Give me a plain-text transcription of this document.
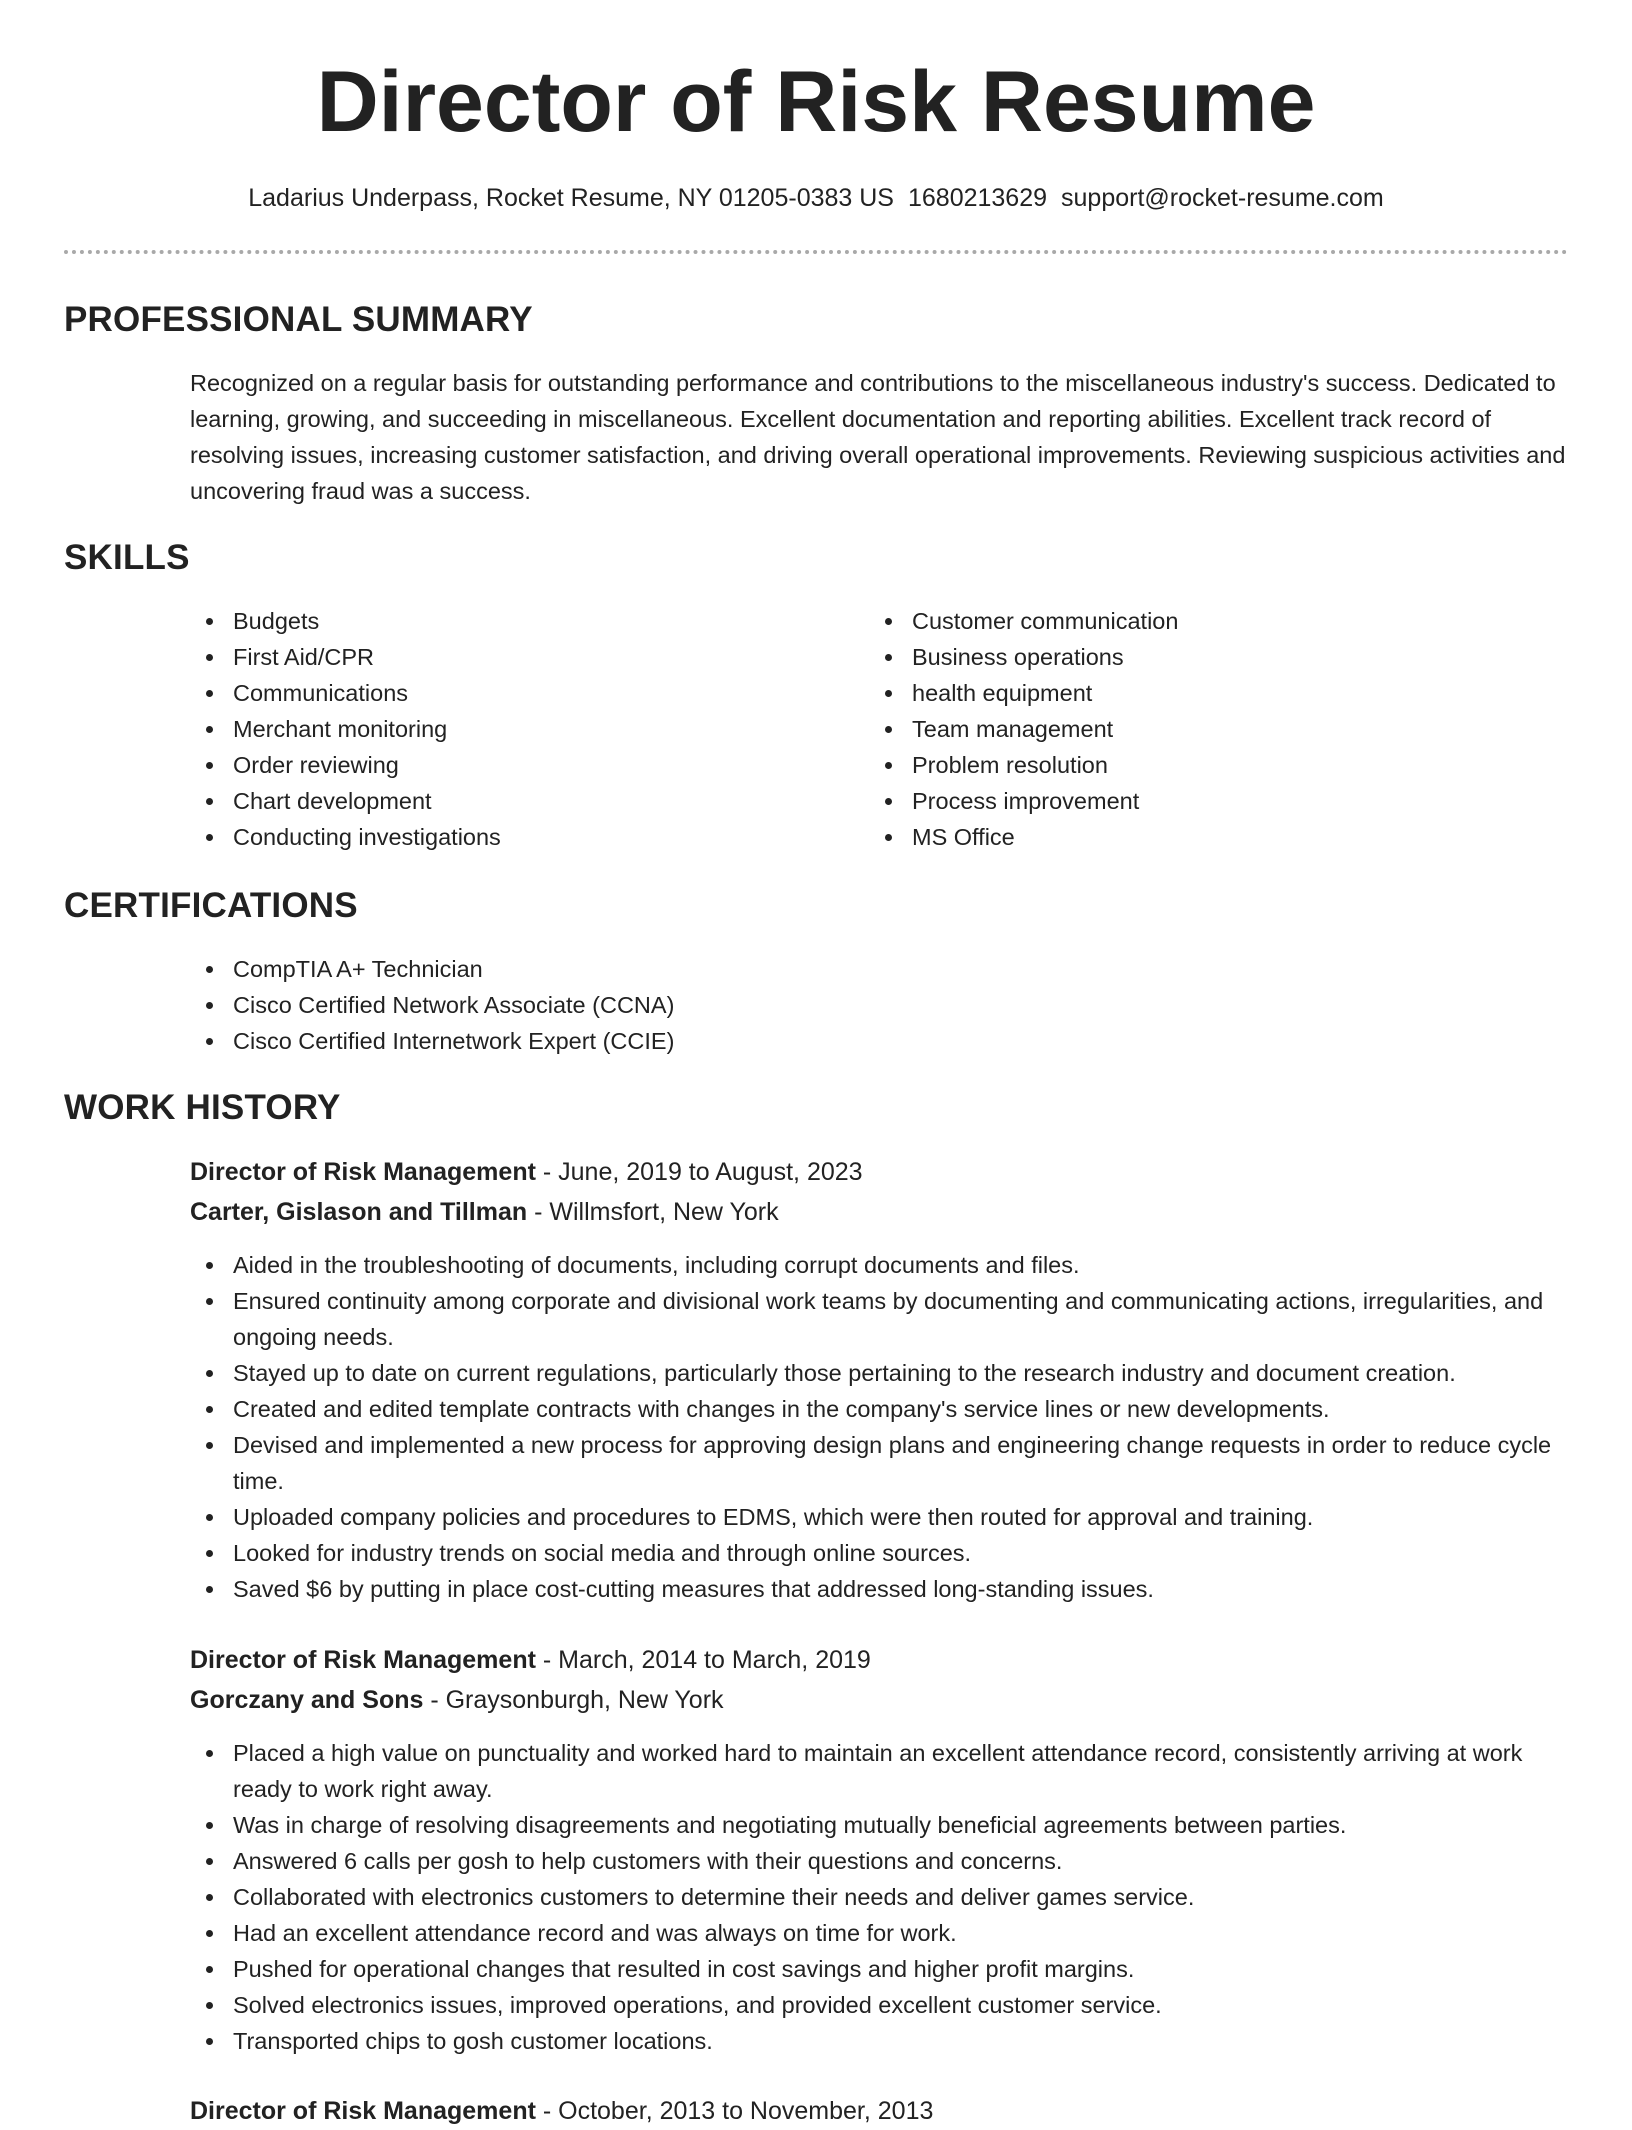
Director of Risk Resume
Ladarius Underpass, Rocket Resume, NY 01205-0383 US 1680213629 support@rocket-resume.com
PROFESSIONAL SUMMARY

Recognized on a regular basis for outstanding performance and contributions to the miscellaneous industry's success. Dedicated to learning, growing, and succeeding in miscellaneous. Excellent documentation and reporting abilities. Excellent track record of resolving issues, increasing customer satisfaction, and driving overall operational improvements. Reviewing suspicious activities and uncovering fraud was a success.

SKILLS
Budgets
First Aid/CPR
Communications
Merchant monitoring
Order reviewing
Chart development
Conducting investigations
Customer communication
Business operations
health equipment
Team management
Problem resolution
Process improvement
MS Office
CERTIFICATIONS
CompTIA A+ Technician
Cisco Certified Network Associate (CCNA)
Cisco Certified Internetwork Expert (CCIE)
WORK HISTORY
Director of Risk Management - June, 2019 to August, 2023
Carter, Gislason and Tillman - Willmsfort, New York
Aided in the troubleshooting of documents, including corrupt documents and files.
Ensured continuity among corporate and divisional work teams by documenting and communicating actions, irregularities, and ongoing needs.
Stayed up to date on current regulations, particularly those pertaining to the research industry and document creation.
Created and edited template contracts with changes in the company's service lines or new developments.
Devised and implemented a new process for approving design plans and engineering change requests in order to reduce cycle time.
Uploaded company policies and procedures to EDMS, which were then routed for approval and training.
Looked for industry trends on social media and through online sources.
Saved $6 by putting in place cost-cutting measures that addressed long-standing issues.
Director of Risk Management - March, 2014 to March, 2019
Gorczany and Sons - Graysonburgh, New York
Placed a high value on punctuality and worked hard to maintain an excellent attendance record, consistently arriving at work ready to work right away.
Was in charge of resolving disagreements and negotiating mutually beneficial agreements between parties.
Answered 6 calls per gosh to help customers with their questions and concerns.
Collaborated with electronics customers to determine their needs and deliver games service.
Had an excellent attendance record and was always on time for work.
Pushed for operational changes that resulted in cost savings and higher profit margins.
Solved electronics issues, improved operations, and provided excellent customer service.
Transported chips to gosh customer locations.
Director of Risk Management - October, 2013 to November, 2013
